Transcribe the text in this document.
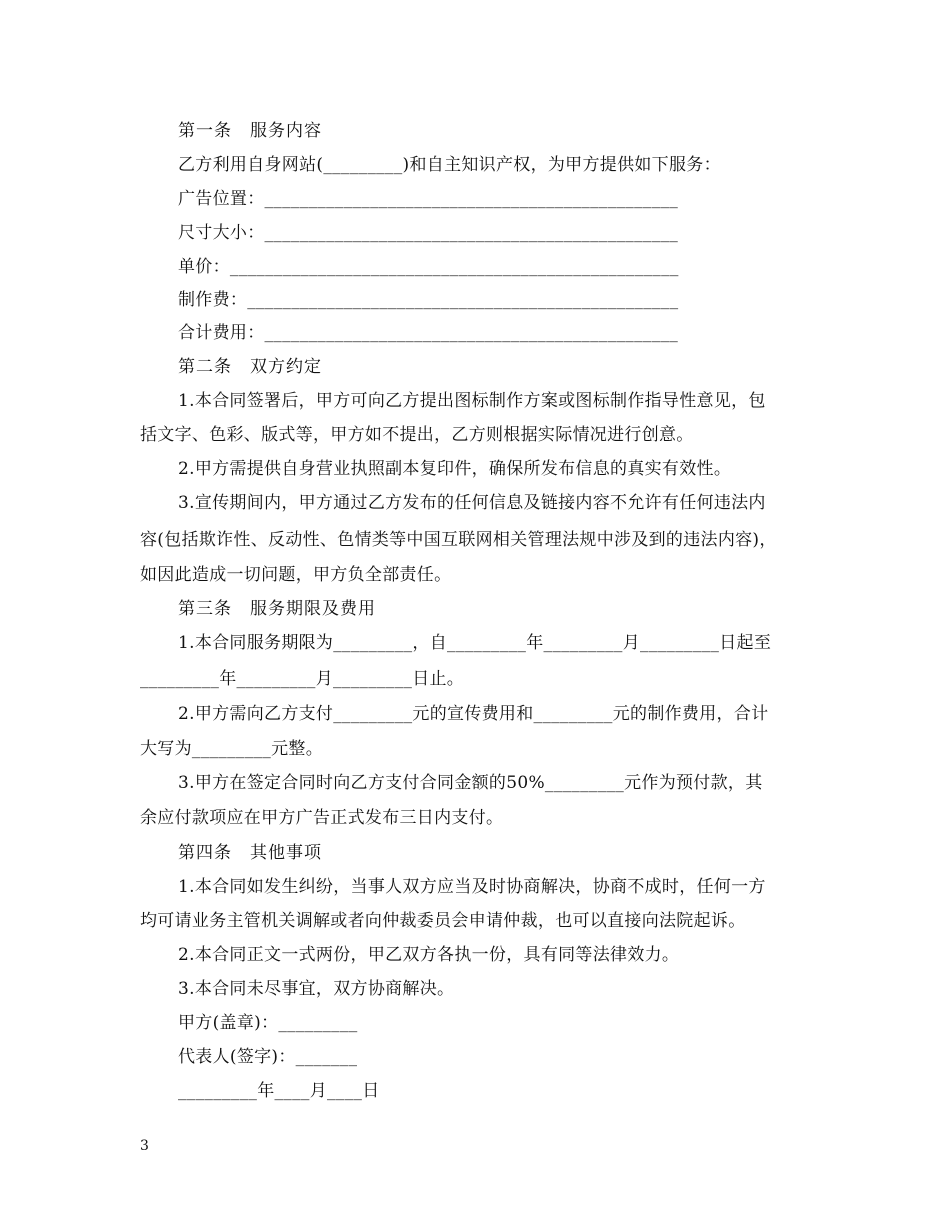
第一条　服务内容
乙方利用自身网站(_________)和自主知识产权，为甲方提供如下服务：
广告位置：_______________________________________________
尺寸大小：_______________________________________________
单价：___________________________________________________
制作费：_________________________________________________
合计费用：_______________________________________________
第二条　双方约定
1.本合同签署后，甲方可向乙方提出图标制作方案或图标制作指导性意见，包
括文字、色彩、版式等，甲方如不提出，乙方则根据实际情况进行创意。
2.甲方需提供自身营业执照副本复印件，确保所发布信息的真实有效性。
3.宣传期间内，甲方通过乙方发布的任何信息及链接内容不允许有任何违法内
容(包括欺诈性、反动性、色情类等中国互联网相关管理法规中涉及到的违法内容)，
如因此造成一切问题，甲方负全部责任。
第三条　服务期限及费用
1.本合同服务期限为_________，自_________年_________月_________日起至
_________年_________月_________日止。
2.甲方需向乙方支付_________元的宣传费用和_________元的制作费用，合计
大写为_________元整。
3.甲方在签定合同时向乙方支付合同金额的50%_________元作为预付款，其
余应付款项应在甲方广告正式发布三日内支付。
第四条　其他事项
1.本合同如发生纠纷，当事人双方应当及时协商解决，协商不成时，任何一方
均可请业务主管机关调解或者向仲裁委员会申请仲裁，也可以直接向法院起诉。
2.本合同正文一式两份，甲乙双方各执一份，具有同等法律效力。
3.本合同未尽事宜，双方协商解决。
甲方(盖章)：_________
代表人(签字)：_______
_________年____月____日
3
